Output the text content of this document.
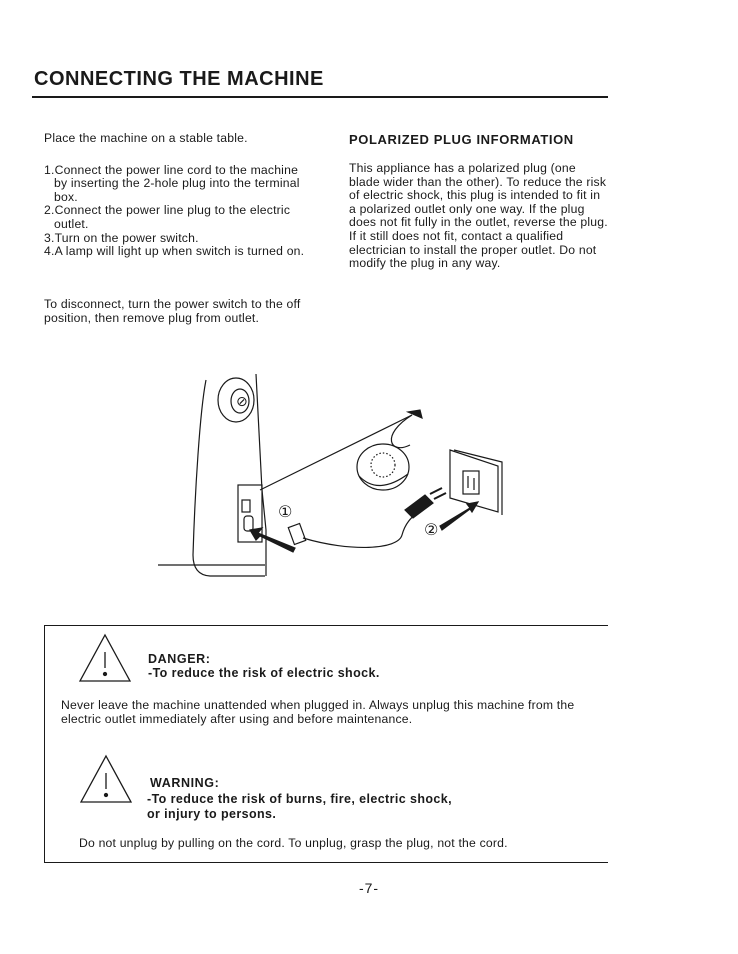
CONNECTING THE MACHINE

Place the machine on a stable table.

1.Connect the power line cord to the machine by inserting the 2-hole plug into the terminal box.
2.Connect the power line plug to the electric outlet.
3.Turn on the power switch.
4.A lamp will light up when switch is turned on.

To disconnect, turn the power switch to the off position, then remove plug from outlet.

POLARIZED PLUG INFORMATION

This appliance has a polarized plug (one blade wider than the other). To reduce the risk of electric shock, this plug is intended to fit in a polarized outlet only one way. If the plug does not fit fully in the outlet, reverse the plug. If it still does not fit, contact a qualified electrician to install the proper outlet. Do not modify the plug in any way.

⊘
①
②
DANGER:
-To reduce the risk of electric shock.

Never leave the machine unattended when plugged in. Always unplug this machine from the electric outlet immediately after using and before maintenance.

WARNING:
-To reduce the risk of burns, fire, electric shock,
or injury to persons.

Do not unplug by pulling on the cord. To unplug, grasp the plug, not the cord.

-7-
